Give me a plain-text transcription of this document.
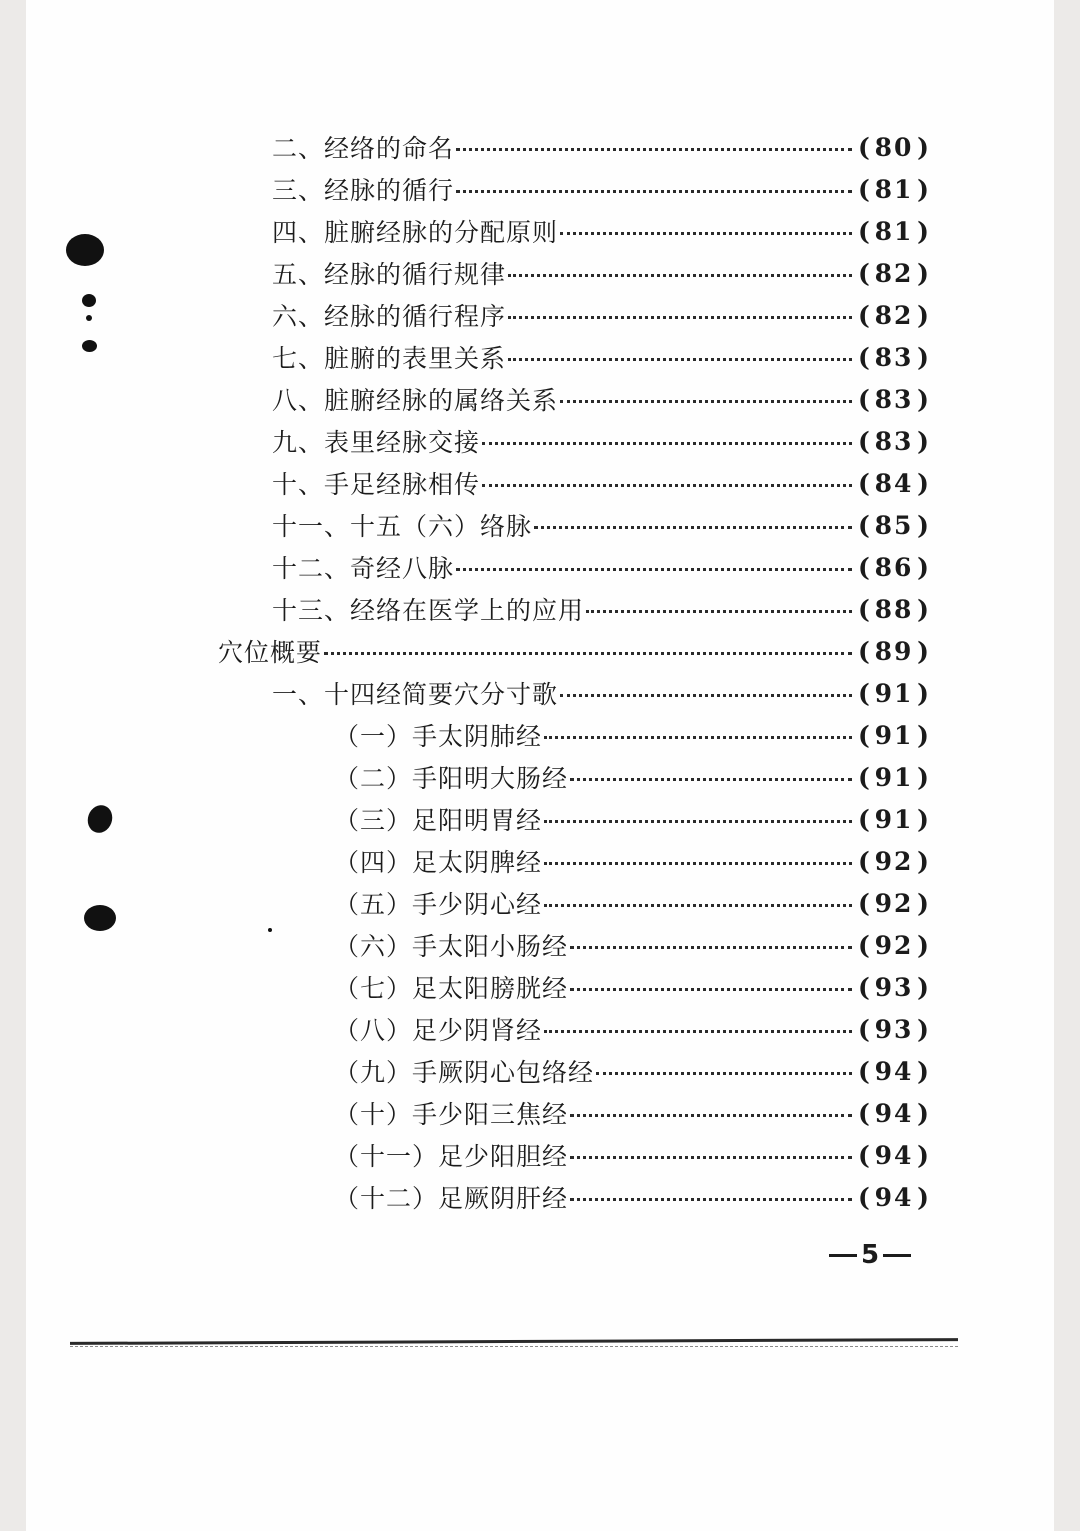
二、经络的命名	( 80 )
三、经脉的循行	( 81 )
四、脏腑经脉的分配原则	( 81 )
五、经脉的循行规律	( 82 )
六、经脉的循行程序	( 82 )
七、脏腑的表里关系	( 83 )
八、脏腑经脉的属络关系	( 83 )
九、表里经脉交接	( 83 )
十、手足经脉相传	( 84 )
十一、十五（六）络脉	( 85 )
十二、奇经八脉	( 86 )
十三、经络在医学上的应用	( 88 )
穴位概要	( 89 )
一、十四经简要穴分寸歌	( 91 )
（一）手太阴肺经	( 91 )
（二）手阳明大肠经	( 91 )
（三）足阳明胃经	( 91 )
（四）足太阴脾经	( 92 )
（五）手少阴心经	( 92 )
（六）手太阳小肠经	( 92 )
（七）足太阳膀胱经	( 93 )
（八）足少阴肾经	( 93 )
（九）手厥阴心包络经	( 94 )
（十）手少阳三焦经	( 94 )
（十一）足少阳胆经	( 94 )
（十二）足厥阴肝经	( 94 )
5
